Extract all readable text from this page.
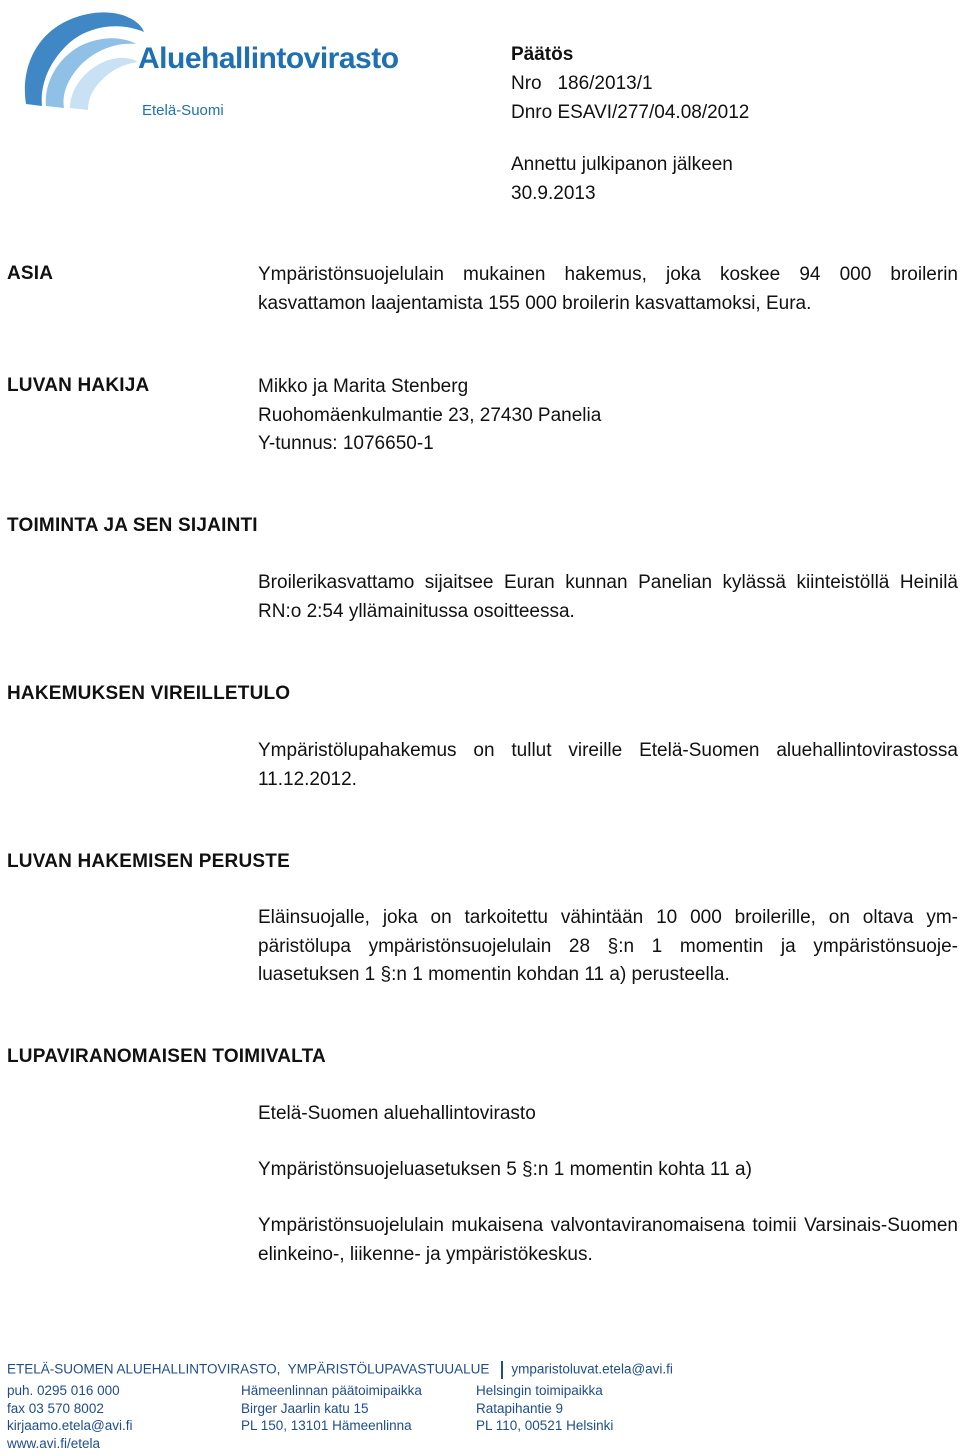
Aluehallintovirasto
Etelä-Suomi
Päätös
Nro   186/2013/1
Dnro ESAVI/277/04.08/2012
Annettu julkipanon jälkeen
30.9.2013
ASIA	Ympäristönsuojelulain mukainen hakemus, joka koskee 94 000 broilerin kasvattamon laajentamista 155 000 broilerin kasvattamoksi, Eura.
LUVAN HAKIJA	Mikko ja Marita Stenberg
Ruohomäenkulmantie 23, 27430 Panelia
Y-tunnus: 1076650-1
TOIMINTA JA SEN SIJAINTI
Broilerikasvattamo sijaitsee Euran kunnan Panelian kylässä kiinteistöllä Heinilä RN:o 2:54 yllämainitussa osoitteessa.
HAKEMUKSEN VIREILLETULO
Ympäristölupahakemus on tullut vireille Etelä-Suomen aluehallintovirastossa 11.12.2012.
LUVAN HAKEMISEN PERUSTE
Eläinsuojalle, joka on tarkoitettu vähintään 10 000 broilerille, on oltava ympäristölupa ympäristönsuojelulain 28 §:n 1 momentin ja ympäristönsuojeluasetuksen 1 §:n 1 momentin kohdan 11 a) perusteella.
LUPAVIRANOMAISEN TOIMIVALTA
Etelä-Suomen aluehallintovirasto
Ympäristönsuojeluasetuksen 5 §:n 1 momentin kohta 11 a)
Ympäristönsuojelulain mukaisena valvontaviranomaisena toimii Varsinais-Suomen elinkeino-, liikenne- ja ympäristökeskus.
ETELÄ-SUOMEN ALUEHALLINTOVIRASTO,  YMPÄRISTÖLUPAVASTUUALUE ymparistoluvat.etela@avi.fi
puh. 0295 016 000
fax 03 570 8002
kirjaamo.etela@avi.fi
www.avi.fi/etela
Hämeenlinnan päätoimipaikka
Birger Jaarlin katu 15
PL 150, 13101 Hämeenlinna
Helsingin toimipaikka
Ratapihantie 9
PL 110, 00521 Helsinki
